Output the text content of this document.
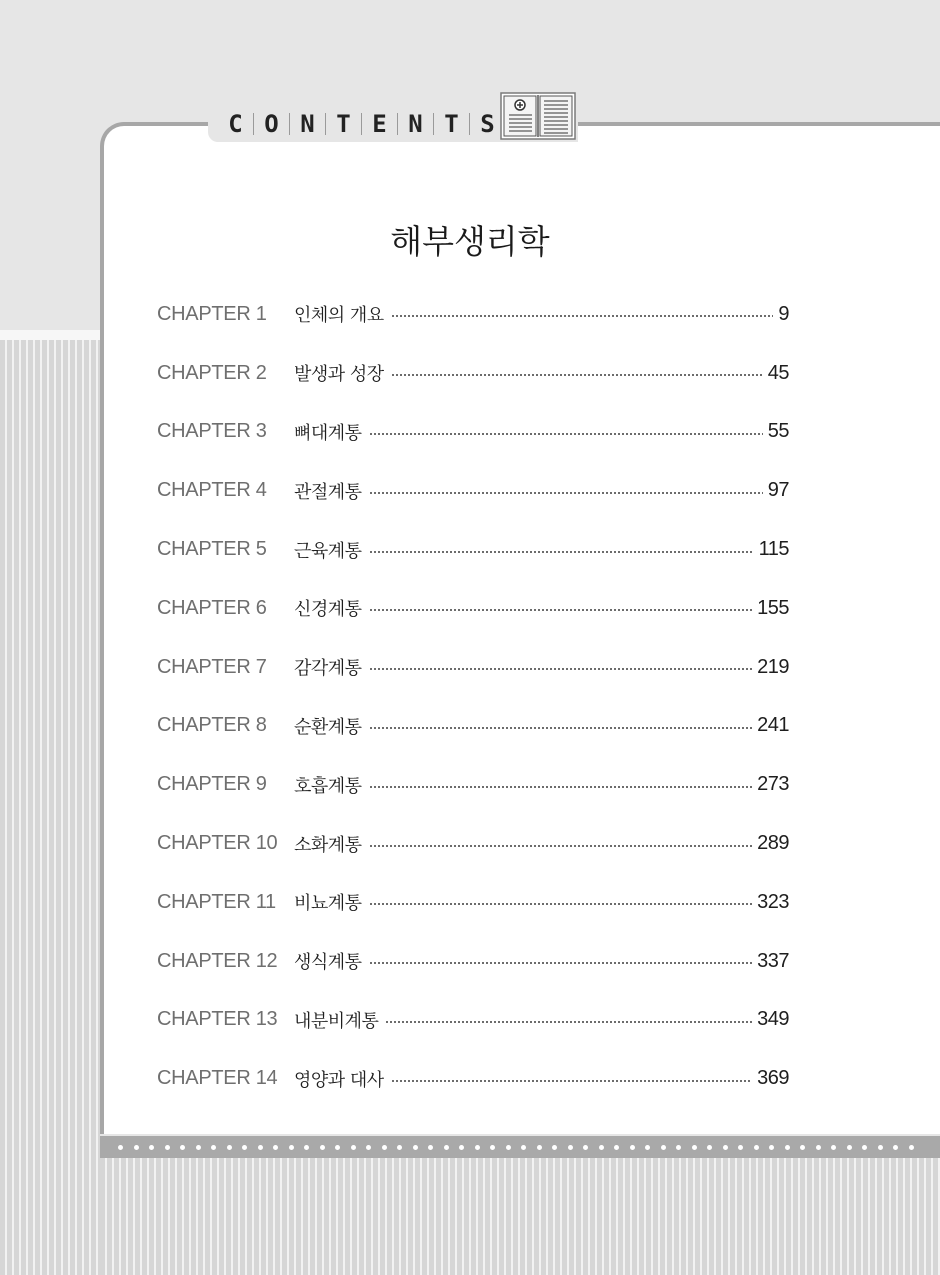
C O N T E N T S
해부생리학
CHAPTER 1	인체의 개요	9
CHAPTER 2	발생과 성장	45
CHAPTER 3	뼈대계통	55
CHAPTER 4	관절계통	97
CHAPTER 5	근육계통	115
CHAPTER 6	신경계통	155
CHAPTER 7	감각계통	219
CHAPTER 8	순환계통	241
CHAPTER 9	호흡계통	273
CHAPTER 10 소화계통	289
CHAPTER 11	비뇨계통	323
CHAPTER 12 생식계통	337
CHAPTER 13 내분비계통	349
CHAPTER 14 영양과 대사	369
